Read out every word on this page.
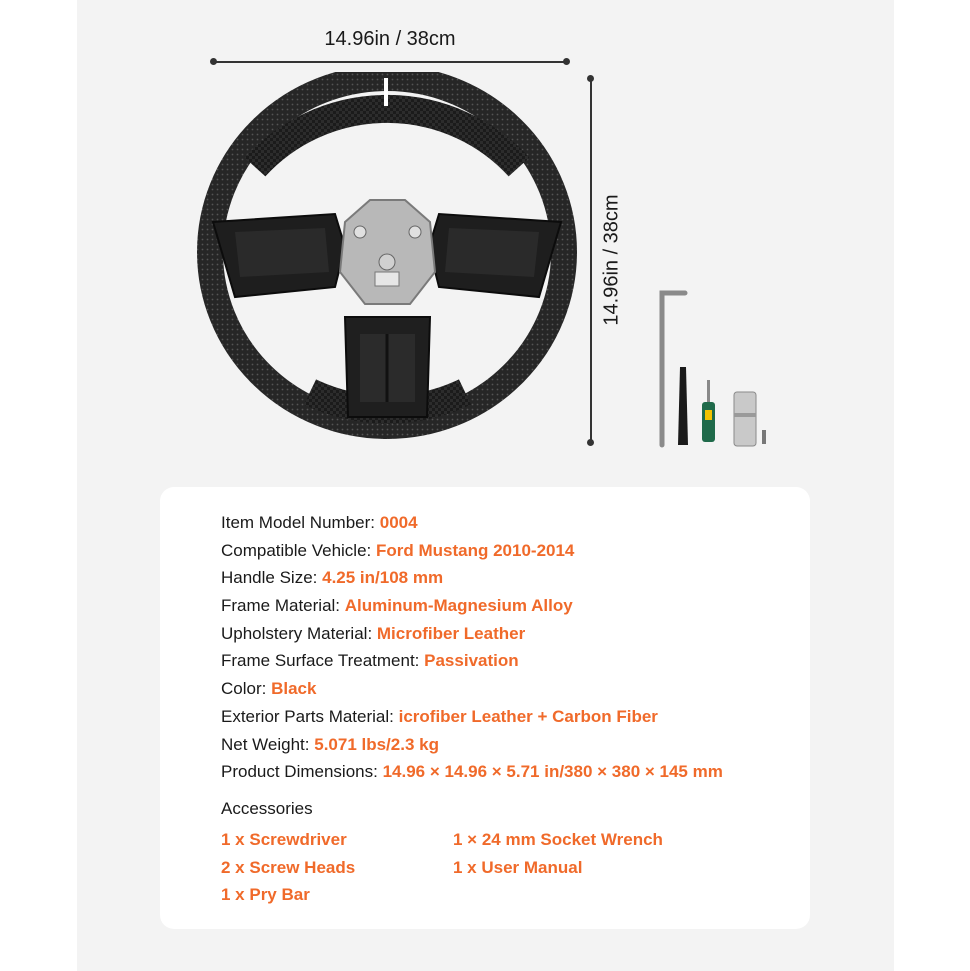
14.96in / 38cm
14.96in / 38cm
Item Model Number: 0004
Compatible Vehicle: Ford Mustang 2010-2014
Handle Size: 4.25 in/108 mm
Frame Material: Aluminum-Magnesium Alloy
Upholstery Material: Microfiber Leather
Frame Surface Treatment: Passivation
Color: Black
Exterior Parts Material: icrofiber Leather + Carbon Fiber
Net Weight: 5.071 lbs/2.3 kg
Product Dimensions: 14.96 × 14.96 × 5.71 in/380 × 380 × 145 mm
Accessories
1 x Screwdriver
2 x Screw Heads
1 x Pry Bar
1 × 24 mm Socket Wrench
1 x User Manual
